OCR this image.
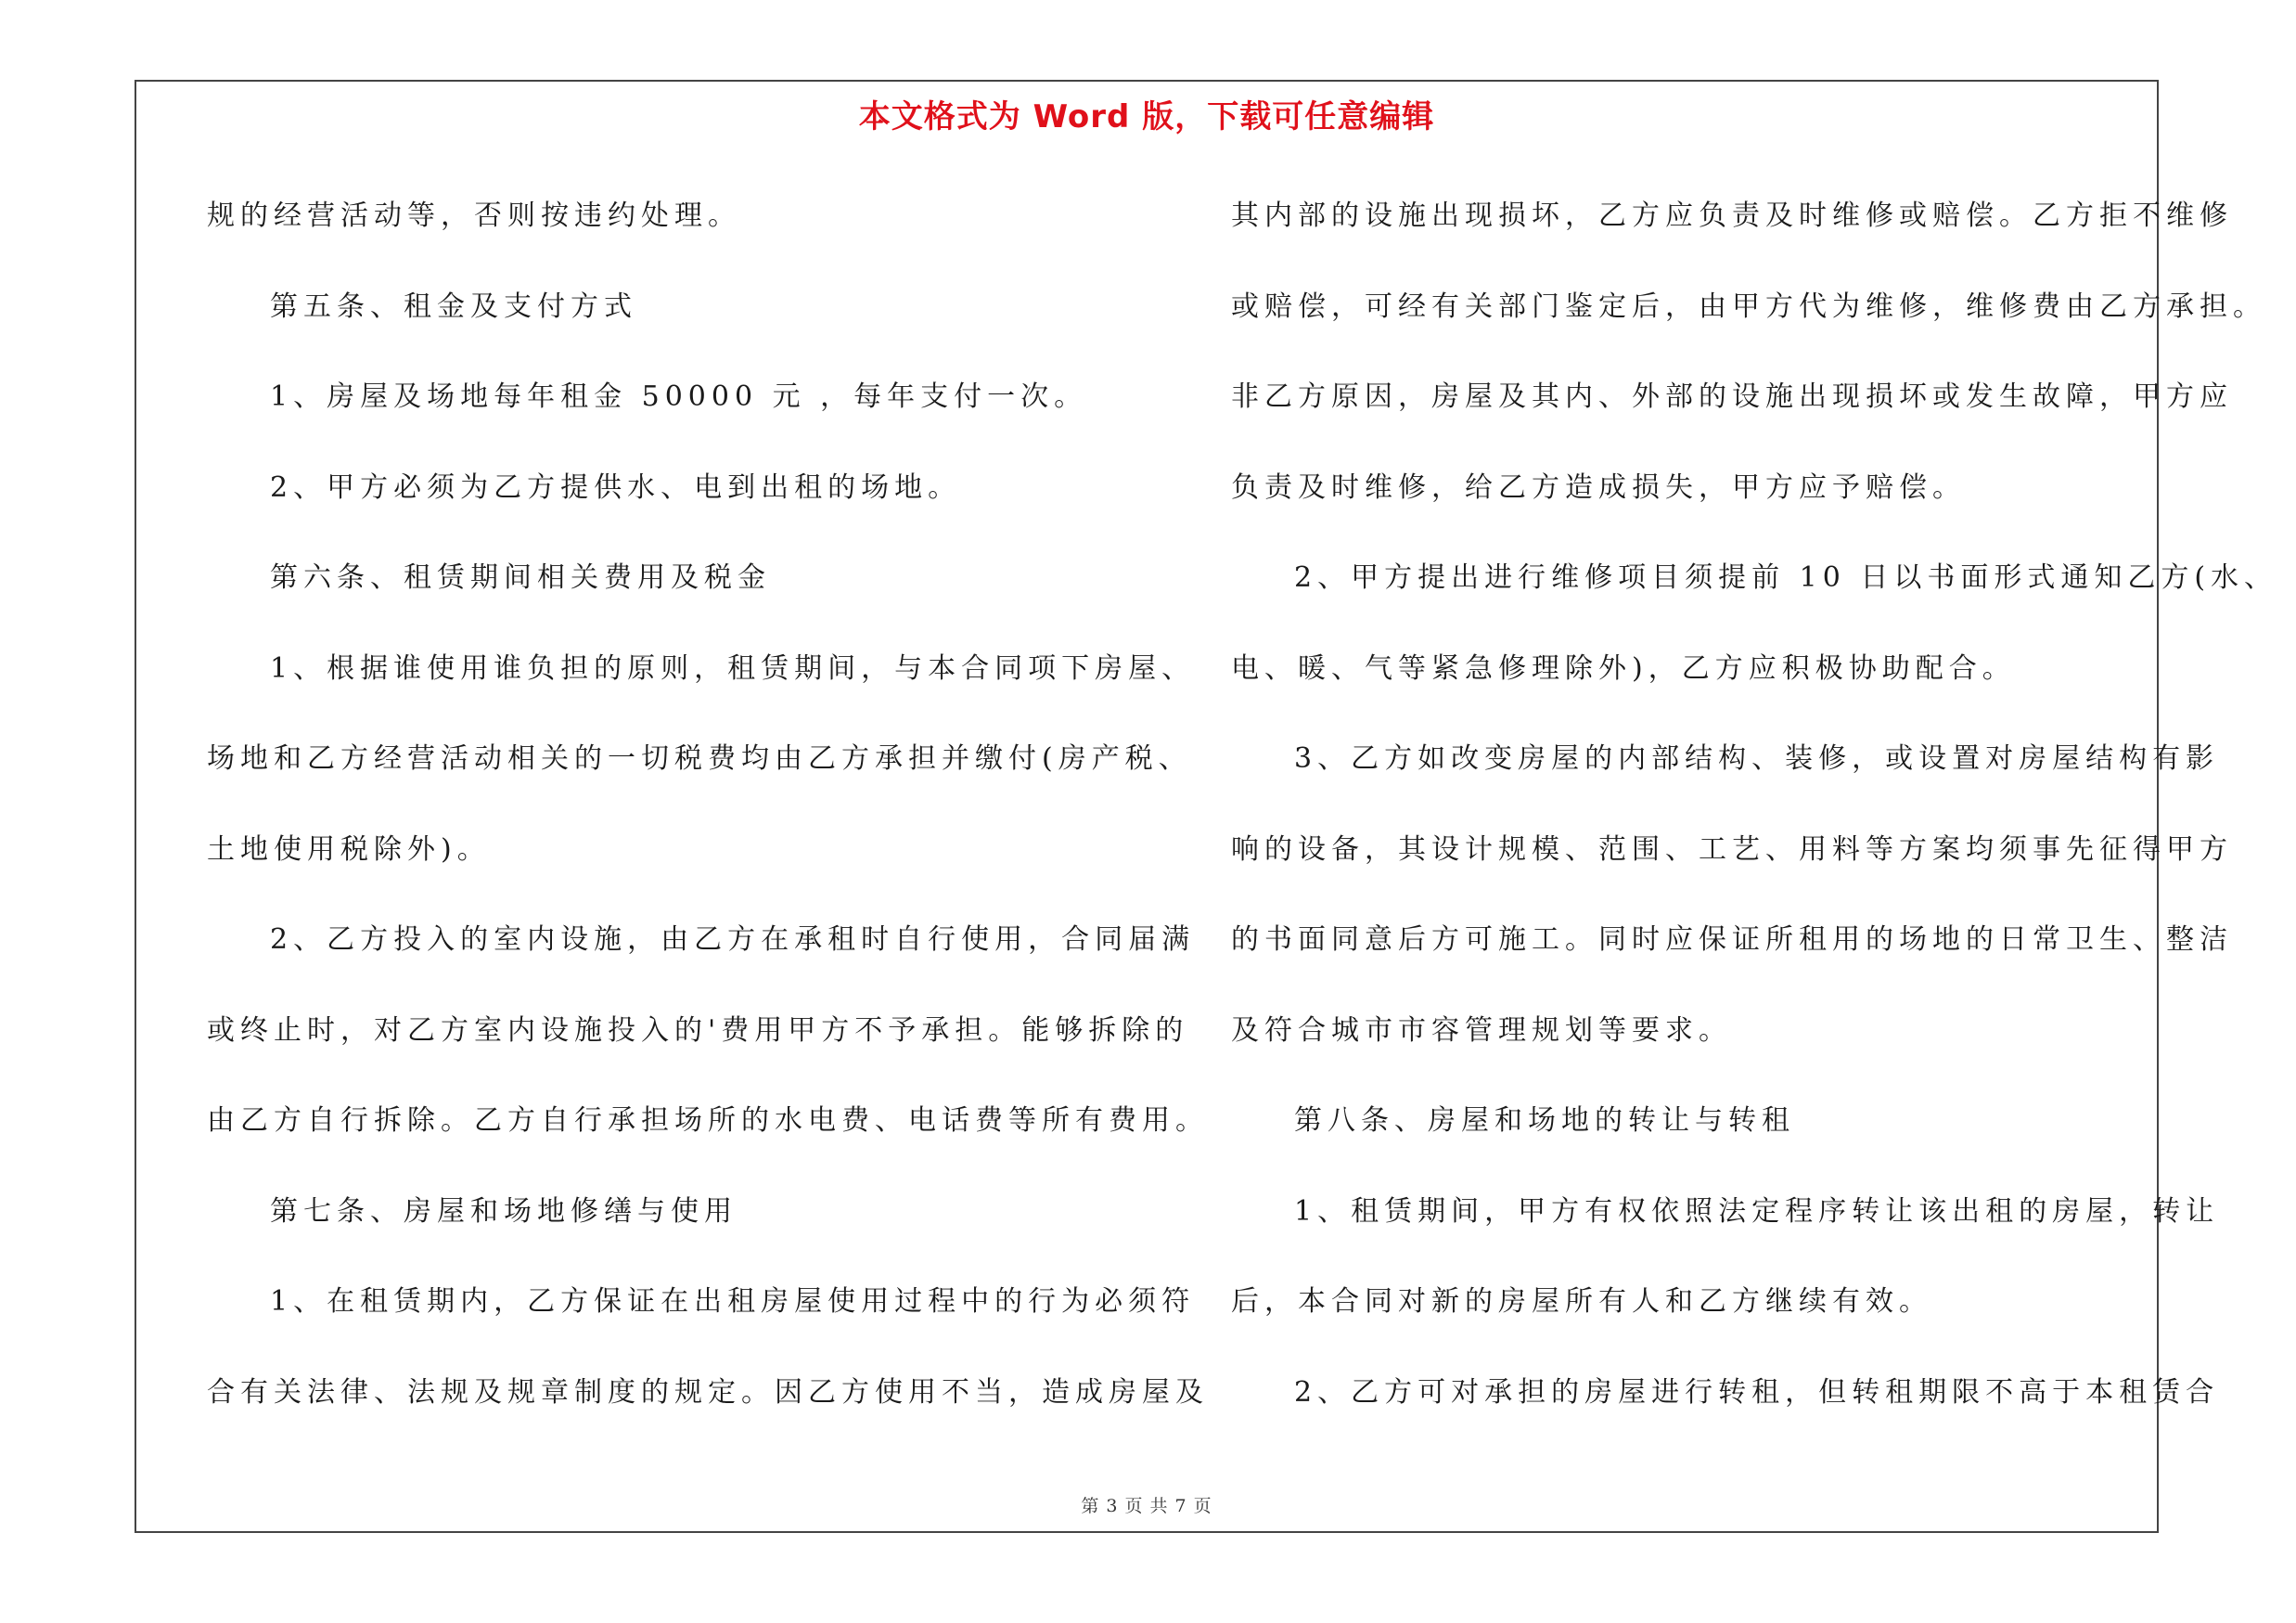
本文格式为 Word 版，下载可任意编辑
规的经营活动等，否则按违约处理。
第五条、租金及支付方式
1、房屋及场地每年租金 50000 元 ，每年支付一次。
2、甲方必须为乙方提供水、电到出租的场地。
第六条、租赁期间相关费用及税金
1、根据谁使用谁负担的原则，租赁期间，与本合同项下房屋、
场地和乙方经营活动相关的一切税费均由乙方承担并缴付(房产税、
土地使用税除外)。
2、乙方投入的室内设施，由乙方在承租时自行使用，合同届满
或终止时，对乙方室内设施投入的'费用甲方不予承担。能够拆除的
由乙方自行拆除。乙方自行承担场所的水电费、电话费等所有费用。
第七条、房屋和场地修缮与使用
1、在租赁期内，乙方保证在出租房屋使用过程中的行为必须符
合有关法律、法规及规章制度的规定。因乙方使用不当，造成房屋及
其内部的设施出现损坏，乙方应负责及时维修或赔偿。乙方拒不维修
或赔偿，可经有关部门鉴定后，由甲方代为维修，维修费由乙方承担。
非乙方原因，房屋及其内、外部的设施出现损坏或发生故障，甲方应
负责及时维修，给乙方造成损失，甲方应予赔偿。
2、甲方提出进行维修项目须提前 10 日以书面形式通知乙方(水、
电、暖、气等紧急修理除外)，乙方应积极协助配合。
3、乙方如改变房屋的内部结构、装修，或设置对房屋结构有影
响的设备，其设计规模、范围、工艺、用料等方案均须事先征得甲方
的书面同意后方可施工。同时应保证所租用的场地的日常卫生、整洁
及符合城市市容管理规划等要求。
第八条、房屋和场地的转让与转租
1、租赁期间，甲方有权依照法定程序转让该出租的房屋，转让
后，本合同对新的房屋所有人和乙方继续有效。
2、乙方可对承担的房屋进行转租，但转租期限不高于本租赁合
第 3 页 共 7 页
